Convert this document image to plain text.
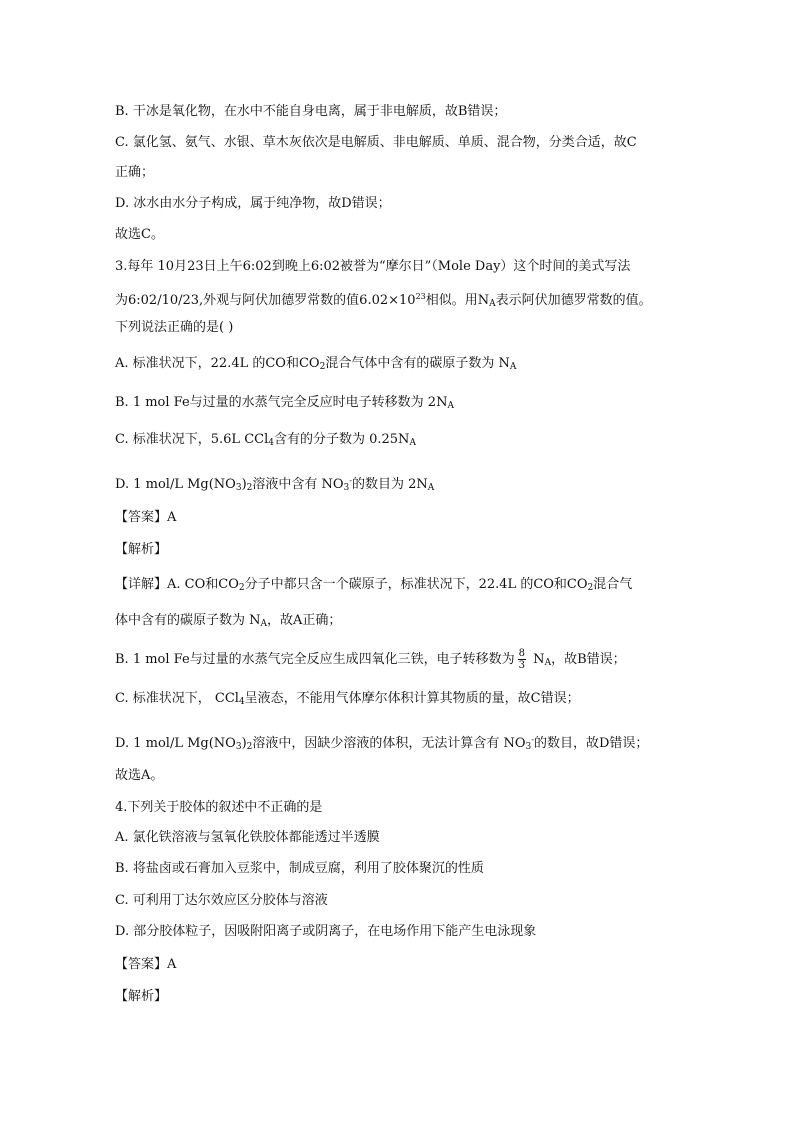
B. 干冰是氧化物，在水中不能自身电离，属于非电解质，故B错误；
C. 氯化氢、氨气、水银、草木灰依次是电解质、非电解质、单质、混合物，分类合适，故C
正确；
D. 冰水由水分子构成，属于纯净物，故D错误；
故选C。
3.每年 10月23日上午6:02到晚上6:02被誉为“摩尔日”（Mole Day）这个时间的美式写法
为6:02/10/23,外观与阿伏加德罗常数的值$6.02\times 10^{23}$相似。用$N_A$表示阿伏加德罗常数的值。
下列说法正确的是( )
A. 标准状况下，22.4L 的CO和$CO_2$混合气体中含有的碳原子数为 $N_A$
B. 1 mol Fe与过量的水蒸气完全反应时电子转移数为 $2N_A$
C. 标准状况下，5.6L CCl$_4$含有的分子数为 $0.25N_A$
D. 1 mol/L $Mg(NO_3)_2$溶液中含有 $NO_3^-$的数目为 $2N_A$
【答案】A
【解析】
【详解】A. CO和$CO_2$分子中都只含一个碳原子，标准状况下，22.4L 的CO和$CO_2$混合气
体中含有的碳原子数为 $N_A$，故A正确；
B. 1 mol Fe与过量的水蒸气完全反应生成四氧化三铁，电子转移数为 $\frac{8}{3} N_A$，故B错误；
C. 标准状况下， CCl$_4$呈液态，不能用气体摩尔体积计算其物质的量，故C错误；
D. 1 mol/L $Mg(NO_3)_2$溶液中，因缺少溶液的体积，无法计算含有 $NO_3^-$的数目，故D错误；
故选A。
4.下列关于胶体的叙述中不正确的是
A. 氯化铁溶液与氢氧化铁胶体都能透过半透膜
B. 将盐卤或石膏加入豆浆中，制成豆腐，利用了胶体聚沉的性质
C. 可利用丁达尔效应区分胶体与溶液
D. 部分胶体粒子，因吸附阳离子或阴离子，在电场作用下能产生电泳现象
【答案】A
【解析】
